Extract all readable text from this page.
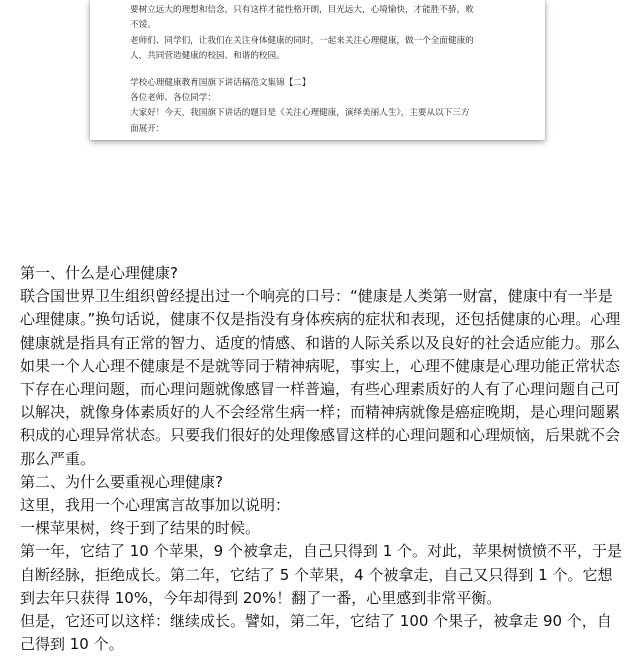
要树立远大的理想和信念，只有这样才能性格开朗，目光远大，心境愉快，才能胜不骄，败

不馁。

老师们、同学们，让我们在关注身体健康的同时，一起来关注心理健康，做一个全面健康的

人，共同营造健康的校园、和谐的校园。

学校心理健康教育国旗下讲话稿范文集锦【二】

各位老师、各位同学：

大家好！今天，我国旗下讲话的题目是《关注心理健康，演绎美丽人生》，主要从以下三方

面展开：

第一、什么是心理健康?

联合国世界卫生组织曾经提出过一个响亮的口号：“健康是人类第一财富，健康中有一半是心理健康。”换句话说，健康不仅是指没有身体疾病的症状和表现，还包括健康的心理。心理健康就是指具有正常的智力、适度的情感、和谐的人际关系以及良好的社会适应能力。那么如果一个人心理不健康是不是就等同于精神病呢，事实上，心理不健康是心理功能正常状态下存在心理问题，而心理问题就像感冒一样普遍，有些心理素质好的人有了心理问题自己可以解决，就像身体素质好的人不会经常生病一样；而精神病就像是癌症晚期，是心理问题累积成的心理异常状态。只要我们很好的处理像感冒这样的心理问题和心理烦恼，后果就不会那么严重。

第二、为什么要重视心理健康?

这里，我用一个心理寓言故事加以说明：

一棵苹果树，终于到了结果的时候。

第一年，它结了 10 个苹果，9 个被拿走，自己只得到 1 个。对此，苹果树愤愤不平，于是自断经脉，拒绝成长。第二年，它结了 5 个苹果，4 个被拿走，自己又只得到 1 个。它想到去年只获得 10%，今年却得到 20%！翻了一番，心里感到非常平衡。

但是，它还可以这样：继续成长。譬如，第二年，它结了 100 个果子，被拿走 90 个，自己得到 10 个。
